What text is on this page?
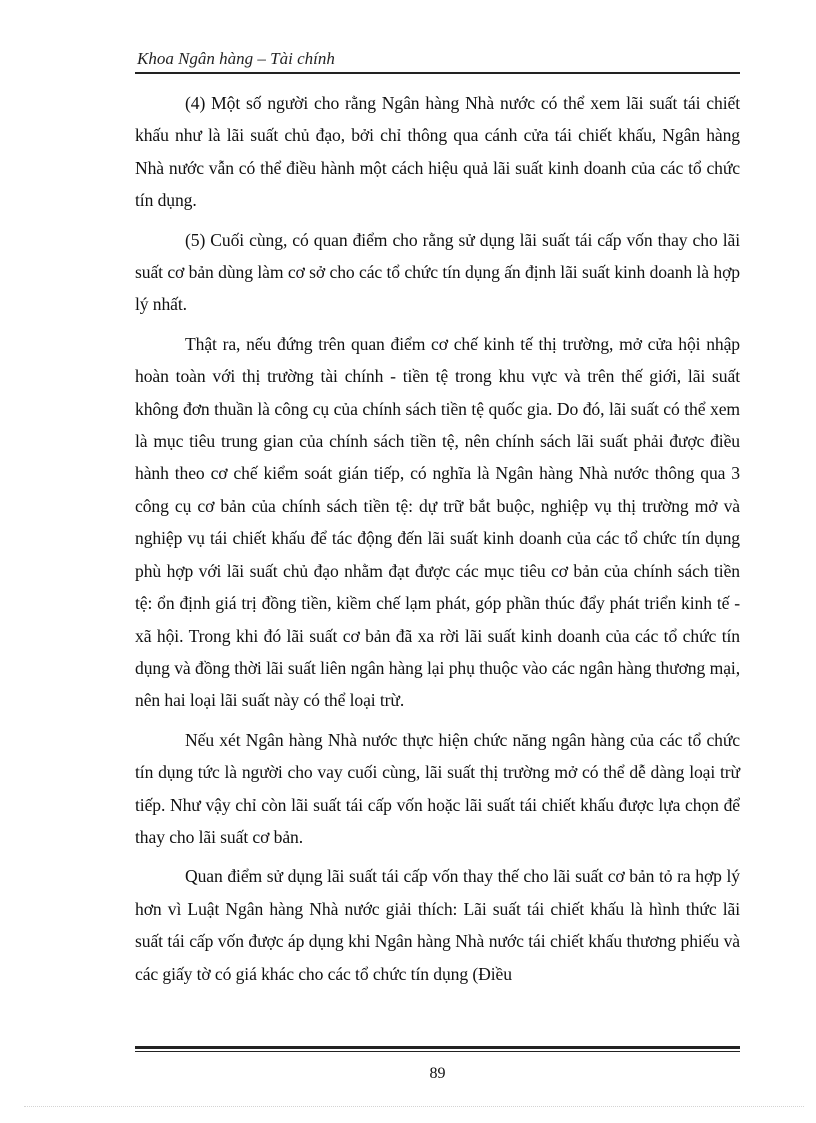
Khoa Ngân hàng – Tài chính

(4) Một số người cho rằng Ngân hàng Nhà nước có thể xem lãi suất tái chiết khấu như là lãi suất chủ đạo, bởi chỉ thông qua cánh cửa tái chiết khấu, Ngân hàng Nhà nước vẫn có thể điều hành một cách hiệu quả lãi suất kinh doanh của các tổ chức tín dụng.

(5) Cuối cùng, có quan điểm cho rằng sử dụng lãi suất tái cấp vốn thay cho lãi suất cơ bản dùng làm cơ sở cho các tổ chức tín dụng ấn định lãi suất kinh doanh là hợp lý nhất.

Thật ra, nếu đứng trên quan điểm cơ chế kinh tế thị trường, mở cửa hội nhập hoàn toàn với thị trường tài chính - tiền tệ trong khu vực và trên thế giới, lãi suất không đơn thuần là công cụ của chính sách tiền tệ quốc gia. Do đó, lãi suất có thể xem là mục tiêu trung gian của chính sách tiền tệ, nên chính sách lãi suất phải được điều hành theo cơ chế kiểm soát gián tiếp, có nghĩa là Ngân hàng Nhà nước thông qua 3 công cụ cơ bản của chính sách tiền tệ: dự trữ bắt buộc, nghiệp vụ thị trường mở và nghiệp vụ tái chiết khấu để tác động đến lãi suất kinh doanh của các tổ chức tín dụng phù hợp với lãi suất chủ đạo nhằm đạt được các mục tiêu cơ bản của chính sách tiền tệ: ổn định giá trị đồng tiền, kiềm chế lạm phát, góp phần thúc đẩy phát triển kinh tế - xã hội. Trong khi đó lãi suất cơ bản đã xa rời lãi suất kinh doanh của các tổ chức tín dụng và đồng thời lãi suất liên ngân hàng lại phụ thuộc vào các ngân hàng thương mại, nên hai loại lãi suất này có thể loại trừ.

Nếu xét Ngân hàng Nhà nước thực hiện chức năng ngân hàng của các tổ chức tín dụng tức là người cho vay cuối cùng, lãi suất thị trường mở có thể dễ dàng loại trừ tiếp. Như vậy chỉ còn lãi suất tái cấp vốn hoặc lãi suất tái chiết khấu được lựa chọn để thay cho lãi suất cơ bản.

Quan điểm sử dụng lãi suất tái cấp vốn thay thế cho lãi suất cơ bản tỏ ra hợp lý hơn vì Luật Ngân hàng Nhà nước giải thích: Lãi suất tái chiết khấu là hình thức lãi suất tái cấp vốn được áp dụng khi Ngân hàng Nhà nước tái chiết khấu thương phiếu và các giấy tờ có giá khác cho các tổ chức tín dụng (Điều

89
